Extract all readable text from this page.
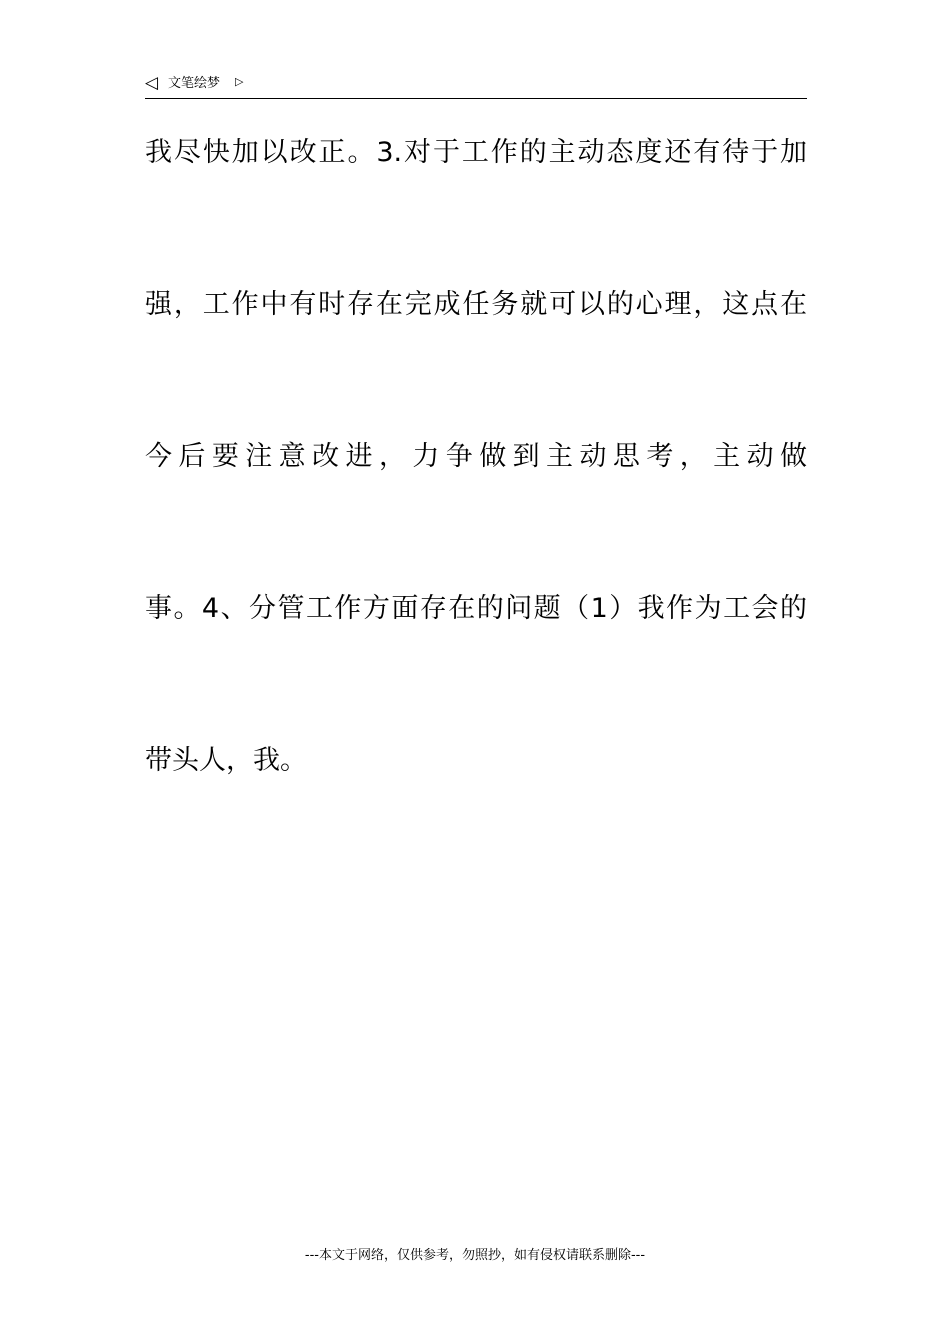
◁ 文笔绘梦 ▷
我尽快加以改正。3.对于工作的主动态度还有待于加
强，工作中有时存在完成任务就可以的心理，这点在
今后要注意改进，力争做到主动思考，主动做
事。4、分管工作方面存在的问题（1）我作为工会的
带头人，我。
---本文于网络，仅供参考，勿照抄，如有侵权请联系删除---
